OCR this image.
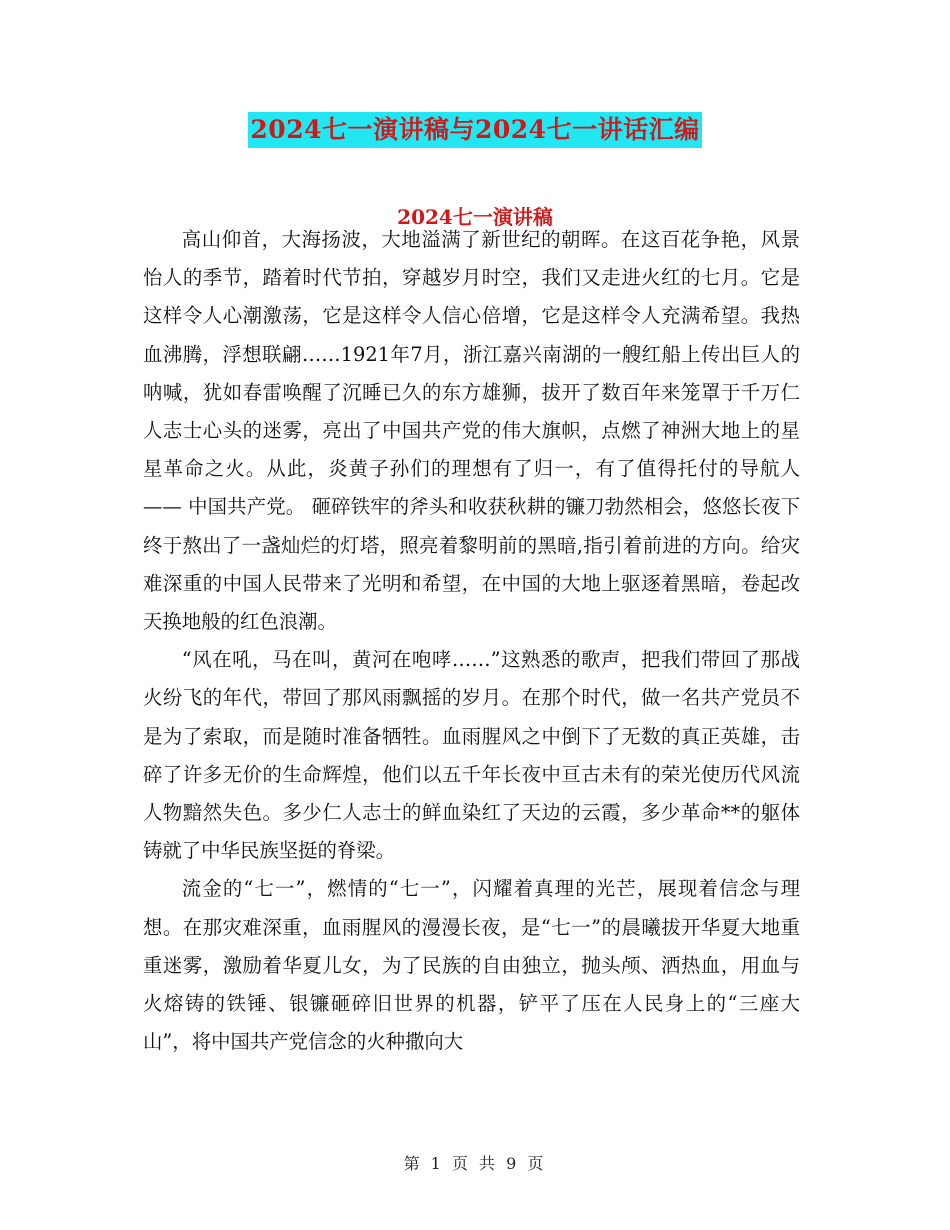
2024七一演讲稿与2024七一讲话汇编
2024七一演讲稿

高山仰首，大海扬波，大地溢满了新世纪的朝晖。在这百花争艳，风景怡人的季节，踏着时代节拍，穿越岁月时空，我们又走进火红的七月。它是这样令人心潮激荡，它是这样令人信心倍增，它是这样令人充满希望。我热血沸腾，浮想联翩……1921年7月，浙江嘉兴南湖的一艘红船上传出巨人的呐喊，犹如春雷唤醒了沉睡已久的东方雄狮，拔开了数百年来笼罩于千万仁人志士心头的迷雾，亮出了中国共产党的伟大旗帜，点燃了神洲大地上的星星革命之火。从此，炎黄子孙们的理想有了归一，有了值得托付的导航人—— 中国共产党。 砸碎铁牢的斧头和收获秋耕的镰刀勃然相会，悠悠长夜下终于熬出了一盏灿烂的灯塔，照亮着黎明前的黑暗,指引着前进的方向。给灾难深重的中国人民带来了光明和希望，在中国的大地上驱逐着黑暗，卷起改天换地般的红色浪潮。

“风在吼，马在叫，黄河在咆哮……”这熟悉的歌声，把我们带回了那战火纷飞的年代，带回了那风雨飘摇的岁月。在那个时代，做一名共产党员不是为了索取，而是随时准备牺牲。血雨腥风之中倒下了无数的真正英雄，击碎了许多无价的生命辉煌，他们以五千年长夜中亘古未有的荣光使历代风流人物黯然失色。多少仁人志士的鲜血染红了天边的云霞，多少革命**的躯体铸就了中华民族坚挺的脊梁。

流金的“七一”，燃情的“七一”，闪耀着真理的光芒，展现着信念与理想。在那灾难深重，血雨腥风的漫漫长夜，是“七一”的晨曦拔开华夏大地重重迷雾，激励着华夏儿女，为了民族的自由独立，抛头颅、洒热血，用血与火熔铸的铁锤、银镰砸碎旧世界的机器，铲平了压在人民身上的“三座大山”，将中国共产党信念的火种撒向大

第 1 页 共 9 页
